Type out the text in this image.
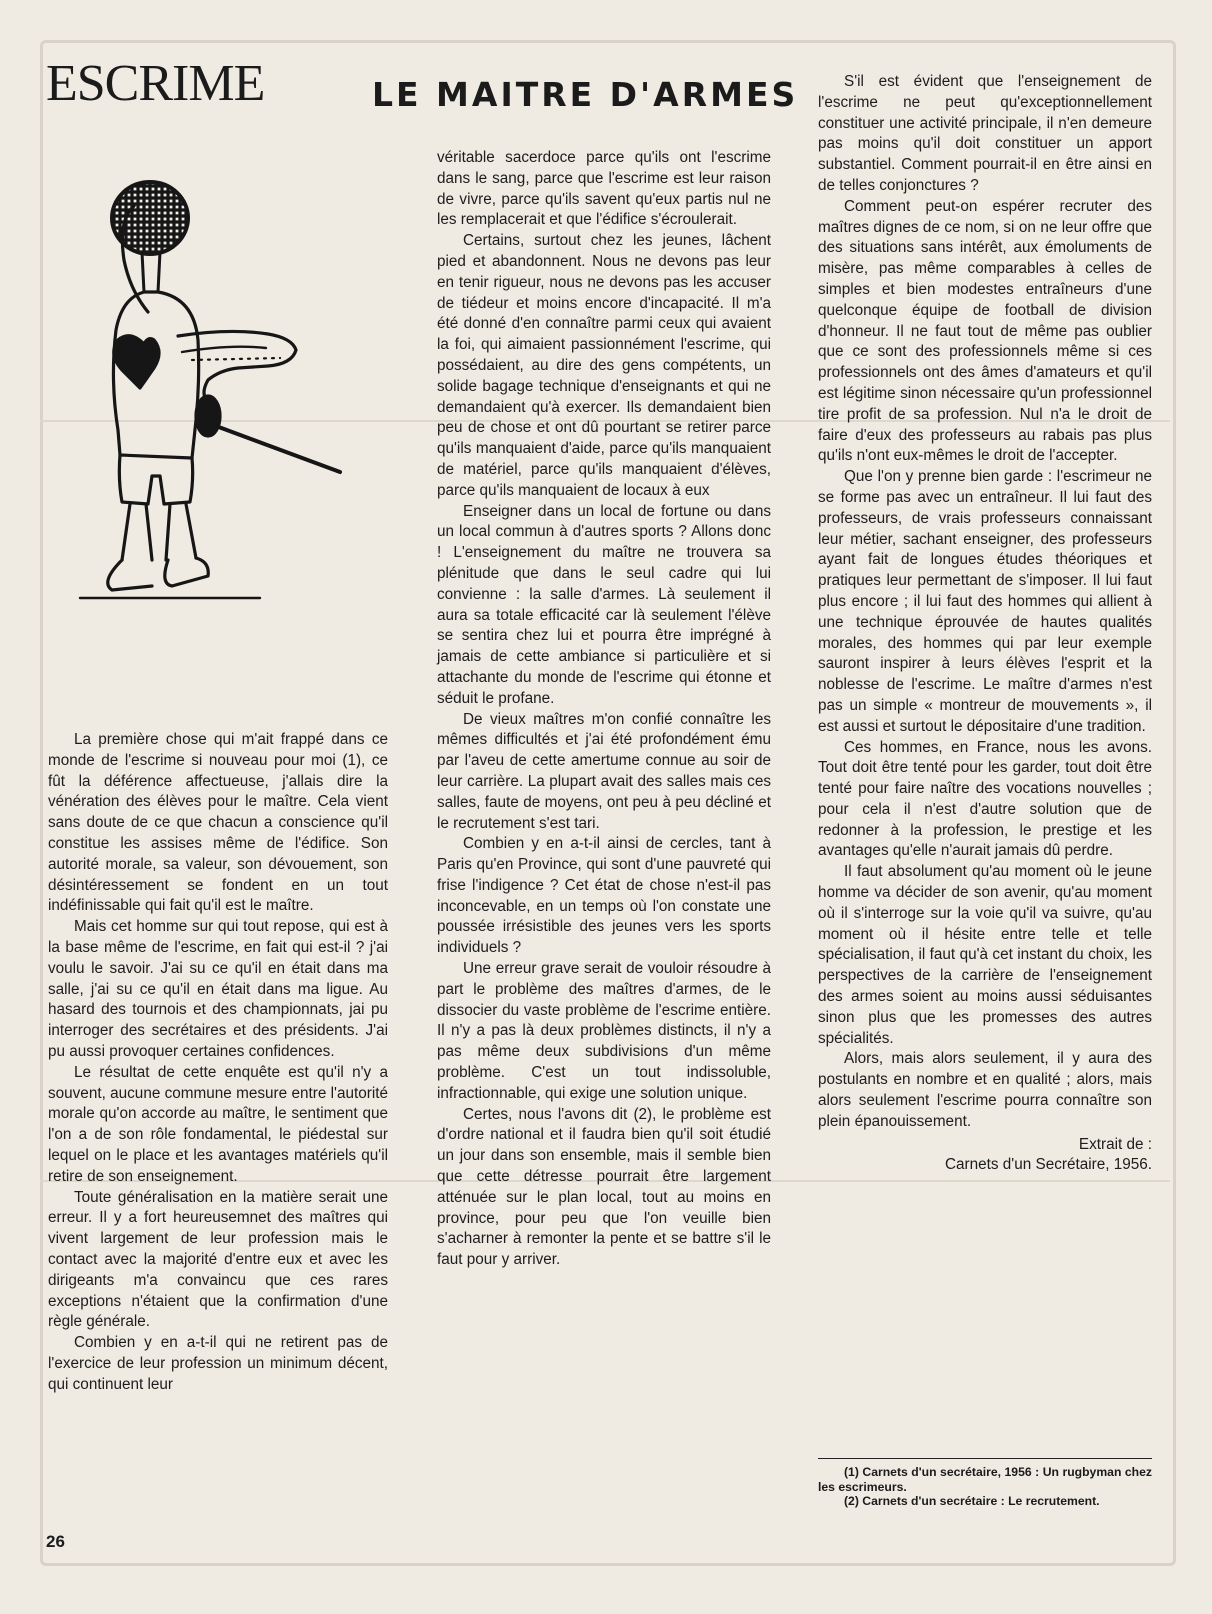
ESCRIME	LE MAITRE D'ARMES

La première chose qui m'ait frappé dans ce monde de l'escrime si nouveau pour moi (1), ce fût la déférence affectueuse, j'allais dire la vénération des élèves pour le maître. Cela vient sans doute de ce que chacun a conscience qu'il constitue les assises même de l'édifice. Son autorité morale, sa valeur, son dévouement, son désintéressement se fondent en un tout indéfinissable qui fait qu'il est le maître.

Mais cet homme sur qui tout repose, qui est à la base même de l'escrime, en fait qui est-il ? j'ai voulu le savoir. J'ai su ce qu'il en était dans ma salle, j'ai su ce qu'il en était dans ma ligue. Au hasard des tournois et des championnats, jai pu interroger des secrétaires et des présidents. J'ai pu aussi provoquer certaines confidences.

Le résultat de cette enquête est qu'il n'y a souvent, aucune commune mesure entre l'autorité morale qu'on accorde au maître, le sentiment que l'on a de son rôle fondamental, le piédestal sur lequel on le place et les avantages matériels qu'il retire de son enseignement.

Toute généralisation en la matière serait une erreur. Il y a fort heureusemnet des maîtres qui vivent largement de leur profession mais le contact avec la majorité d'entre eux et avec les dirigeants m'a convaincu que ces rares exceptions n'étaient que la confirmation d'une règle générale.

Combien y en a-t-il qui ne retirent pas de l'exercice de leur profession un minimum décent, qui continuent leur

véritable sacerdoce parce qu'ils ont l'escrime dans le sang, parce que l'escrime est leur raison de vivre, parce qu'ils savent qu'eux partis nul ne les remplacerait et que l'édifice s'écroulerait.

Certains, surtout chez les jeunes, lâchent pied et abandonnent. Nous ne devons pas leur en tenir rigueur, nous ne devons pas les accuser de tiédeur et moins encore d'incapacité. Il m'a été donné d'en connaître parmi ceux qui avaient la foi, qui aimaient passionnément l'escrime, qui possédaient, au dire des gens compétents, un solide bagage technique d'enseignants et qui ne demandaient qu'à exercer. Ils demandaient bien peu de chose et ont dû pourtant se retirer parce qu'ils manquaient d'aide, parce qu'ils manquaient de matériel, parce qu'ils manquaient d'élèves, parce qu'ils manquaient de locaux à eux

Enseigner dans un local de fortune ou dans un local commun à d'autres sports ? Allons donc ! L'enseignement du maître ne trouvera sa plénitude que dans le seul cadre qui lui convienne : la salle d'armes. Là seulement il aura sa totale efficacité car là seulement l'élève se sentira chez lui et pourra être imprégné à jamais de cette ambiance si particulière et si attachante du monde de l'escrime qui étonne et séduit le profane.

De vieux maîtres m'on confié connaître les mêmes difficultés et j'ai été profondément ému par l'aveu de cette amertume connue au soir de leur carrière. La plupart avait des salles mais ces salles, faute de moyens, ont peu à peu décliné et le recrutement s'est tari.

Combien y en a-t-il ainsi de cercles, tant à Paris qu'en Province, qui sont d'une pauvreté qui frise l'indigence ? Cet état de chose n'est-il pas inconcevable, en un temps où l'on constate une poussée irrésistible des jeunes vers les sports individuels ?

Une erreur grave serait de vouloir résoudre à part le problème des maîtres d'armes, de le dissocier du vaste problème de l'escrime entière. Il n'y a pas là deux problèmes distincts, il n'y a pas même deux subdivisions d'un même problème. C'est un tout indissoluble, infractionnable, qui exige une solution unique.

Certes, nous l'avons dit (2), le problème est d'ordre national et il faudra bien qu'il soit étudié un jour dans son ensemble, mais il semble bien que cette détresse pourrait être largement atténuée sur le plan local, tout au moins en province, pour peu que l'on veuille bien s'acharner à remonter la pente et se battre s'il le faut pour y arriver.

S'il est évident que l'enseignement de l'escrime ne peut qu'exceptionnellement constituer une activité principale, il n'en demeure pas moins qu'il doit constituer un apport substantiel. Comment pourrait-il en être ainsi en de telles conjonctures ?

Comment peut-on espérer recruter des maîtres dignes de ce nom, si on ne leur offre que des situations sans intérêt, aux émoluments de misère, pas même comparables à celles de simples et bien modestes entraîneurs d'une quelconque équipe de football de division d'honneur. Il ne faut tout de même pas oublier que ce sont des professionnels même si ces professionnels ont des âmes d'amateurs et qu'il est légitime sinon nécessaire qu'un professionnel tire profit de sa profession. Nul n'a le droit de faire d'eux des professeurs au rabais pas plus qu'ils n'ont eux-mêmes le droit de l'accepter.

Que l'on y prenne bien garde : l'escrimeur ne se forme pas avec un entraîneur. Il lui faut des professeurs, de vrais professeurs connaissant leur métier, sachant enseigner, des professeurs ayant fait de longues études théoriques et pratiques leur permettant de s'imposer. Il lui faut plus encore ; il lui faut des hommes qui allient à une technique éprouvée de hautes qualités morales, des hommes qui par leur exemple sauront inspirer à leurs élèves l'esprit et la noblesse de l'escrime. Le maître d'armes n'est pas un simple « montreur de mouvements », il est aussi et surtout le dépositaire d'une tradition.

Ces hommes, en France, nous les avons. Tout doit être tenté pour les garder, tout doit être tenté pour faire naître des vocations nouvelles ; pour cela il n'est d'autre solution que de redonner à la profession, le prestige et les avantages qu'elle n'aurait jamais dû perdre.

Il faut absolument qu'au moment où le jeune homme va décider de son avenir, qu'au moment où il s'interroge sur la voie qu'il va suivre, qu'au moment où il hésite entre telle et telle spécialisation, il faut qu'à cet instant du choix, les perspectives de la carrière de l'enseignement des armes soient au moins aussi séduisantes sinon plus que les promesses des autres spécialités.

Alors, mais alors seulement, il y aura des postulants en nombre et en qualité ; alors, mais alors seulement l'escrime pourra connaître son plein épanouissement.

Extrait de :
Carnets d'un Secrétaire, 1956.

(1) Carnets d'un secrétaire, 1956 : Un rugbyman chez les escrimeurs.

(2) Carnets d'un secrétaire : Le recrutement.

26
